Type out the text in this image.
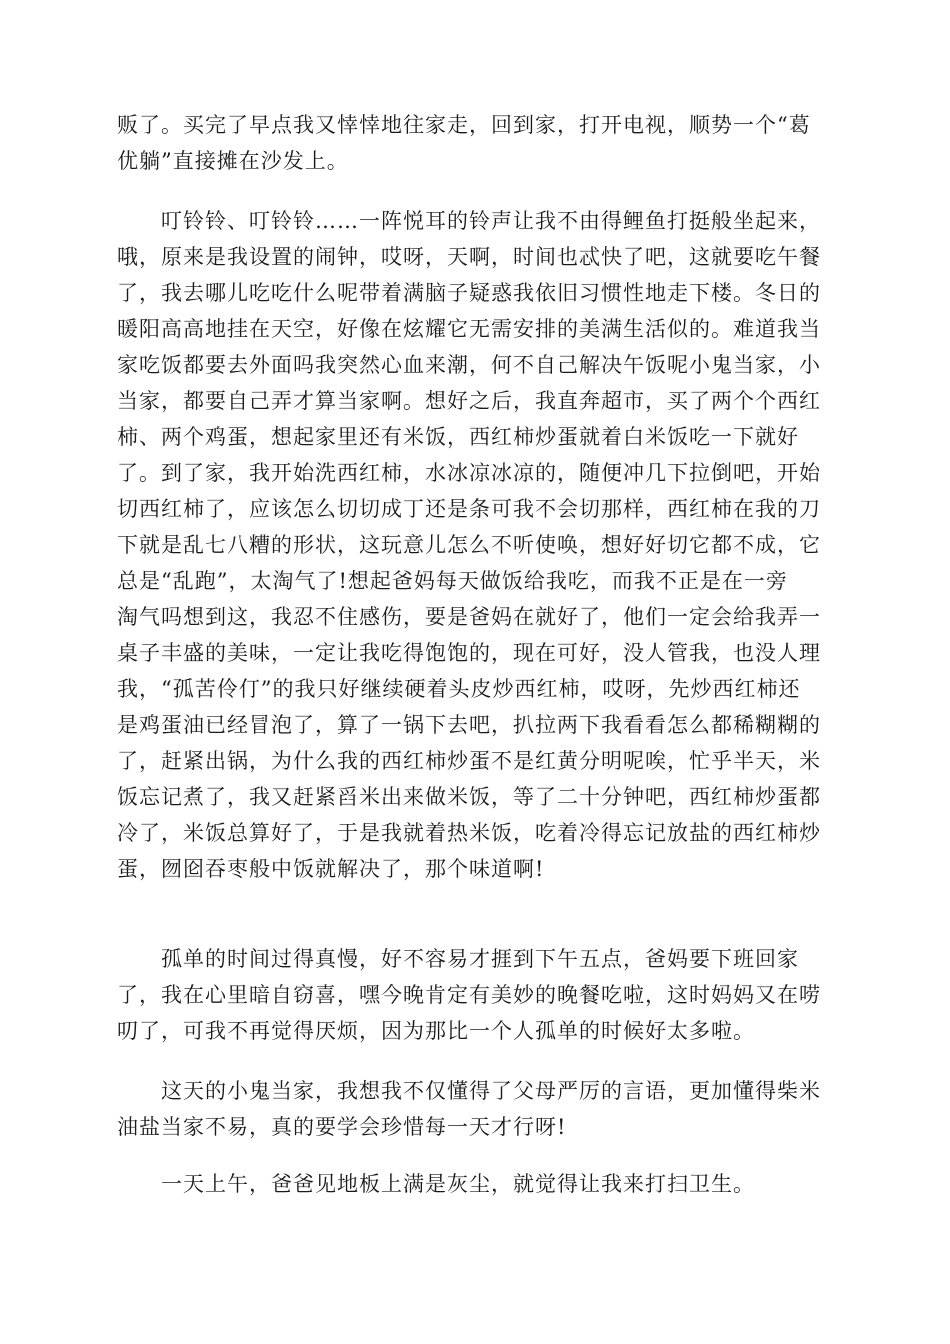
贩了。买完了早点我又悻悻地往家走，回到家，打开电视，顺势一个“葛
优躺”直接摊在沙发上。
叮铃铃、叮铃铃……一阵悦耳的铃声让我不由得鲤鱼打挺般坐起来，
哦，原来是我设置的闹钟，哎呀，天啊，时间也忒快了吧，这就要吃午餐
了，我去哪儿吃吃什么呢带着满脑子疑惑我依旧习惯性地走下楼。冬日的
暖阳高高地挂在天空，好像在炫耀它无需安排的美满生活似的。难道我当
家吃饭都要去外面吗我突然心血来潮，何不自己解决午饭呢小鬼当家，小
当家，都要自己弄才算当家啊。想好之后，我直奔超市，买了两个个西红
柿、两个鸡蛋，想起家里还有米饭，西红柿炒蛋就着白米饭吃一下就好
了。到了家，我开始洗西红柿，水冰凉冰凉的，随便冲几下拉倒吧，开始
切西红柿了，应该怎么切切成丁还是条可我不会切那样，西红柿在我的刀
下就是乱七八糟的形状，这玩意儿怎么不听使唤，想好好切它都不成，它
总是“乱跑”，太淘气了!想起爸妈每天做饭给我吃，而我不正是在一旁
淘气吗想到这，我忍不住感伤，要是爸妈在就好了，他们一定会给我弄一
桌子丰盛的美味，一定让我吃得饱饱的，现在可好，没人管我，也没人理
我，“孤苦伶仃”的我只好继续硬着头皮炒西红柿，哎呀，先炒西红柿还
是鸡蛋油已经冒泡了，算了一锅下去吧，扒拉两下我看看怎么都稀糊糊的
了，赶紧出锅，为什么我的西红柿炒蛋不是红黄分明呢唉，忙乎半天，米
饭忘记煮了，我又赶紧舀米出来做米饭，等了二十分钟吧，西红柿炒蛋都
冷了，米饭总算好了，于是我就着热米饭，吃着冷得忘记放盐的西红柿炒
蛋，囫囵吞枣般中饭就解决了，那个味道啊!
孤单的时间过得真慢，好不容易才捱到下午五点，爸妈要下班回家
了，我在心里暗自窃喜，嘿今晚肯定有美妙的晚餐吃啦，这时妈妈又在唠
叨了，可我不再觉得厌烦，因为那比一个人孤单的时候好太多啦。
这天的小鬼当家，我想我不仅懂得了父母严厉的言语，更加懂得柴米
油盐当家不易，真的要学会珍惜每一天才行呀!
一天上午，爸爸见地板上满是灰尘，就觉得让我来打扫卫生。
